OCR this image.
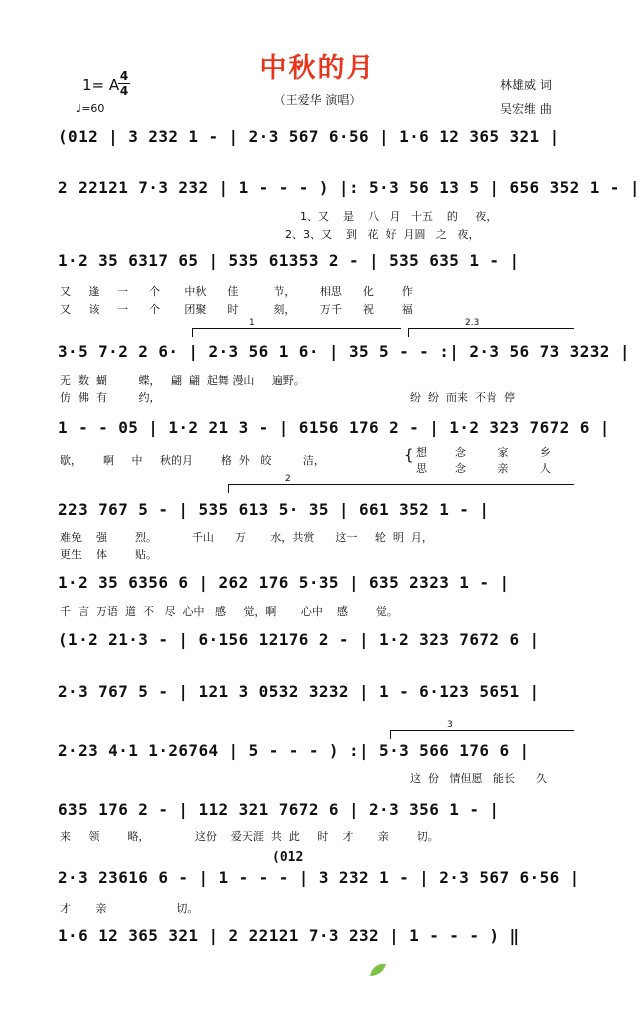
中秋的月
（王爱华 演唱）
1= A 4
4
♩=60
林雄威 词
吴宏维 曲
(012 | 3 232 1 - | 2·3 567 6·56 | 1·6 12 365 321 |
2 22121 7·3 232 | 1 - - - ) |: 5·3 56 13 5 | 656 352 1 - |
1、又    是    八   月   十五    的     夜，
2、3、又    到   花  好  月圆   之   夜，
1·2 35 6317 65 | 535 61353 2 - | 535 635 1 - |
又     逢     一      个       中秋      佳          节，       相思      化        作
又     该     一      个       团聚      时          刻，       万千      祝        福
1	2.3
3·5 7·2 2 6· | 2·3 56 1 6· | 35 5 - - :| 2·3 56 73 3232 |
无  数  蝴         蝶，   翩  翩  起舞 漫山     遍野。
仿  佛  有         约，	纷  纷  而来  不肯  停
1 - - 05 | 1·2 21 3 - | 6156 176 2 - | 1·2 323 7672 6 |
歇，      啊     中     秋的月        格  外   皎         洁，	{ 想        念         家         乡
思        念         亲         人
2
223 767 5 - | 535 613 5· 35 | 661 352 1 - |
难免    强        烈。          千山      万       水，共赏      这一     轮  明  月，
更生    体        贴。
1·2 35 6356 6 | 262 176 5·35 | 635 2323 1 - |
千  言  万语  道  不   尽  心中   感     觉，啊       心中    感        觉。
(1·2 21·3 - | 6·156 12176 2 - | 1·2 323 7672 6 |
2·3 767 5 - | 121 3 0532 3232 | 1 - 6·123 5651 |
3
2·23 4·1 1·26764 | 5 - - - ) :| 5·3 566 176 6 |
这  份   情但愿   能长      久
635 176 2 - | 112 321 7672 6 | 2·3 356 1 - |
来     领        略，             这份    爱天涯  共  此     时    才       亲        切。
(012
2·3 23616 6 - | 1 - - - | 3 232 1 - | 2·3 567 6·56 |
才       亲                    切。
1·6 12 365 321 | 2 22121 7·3 232 | 1 - - - ) ‖
